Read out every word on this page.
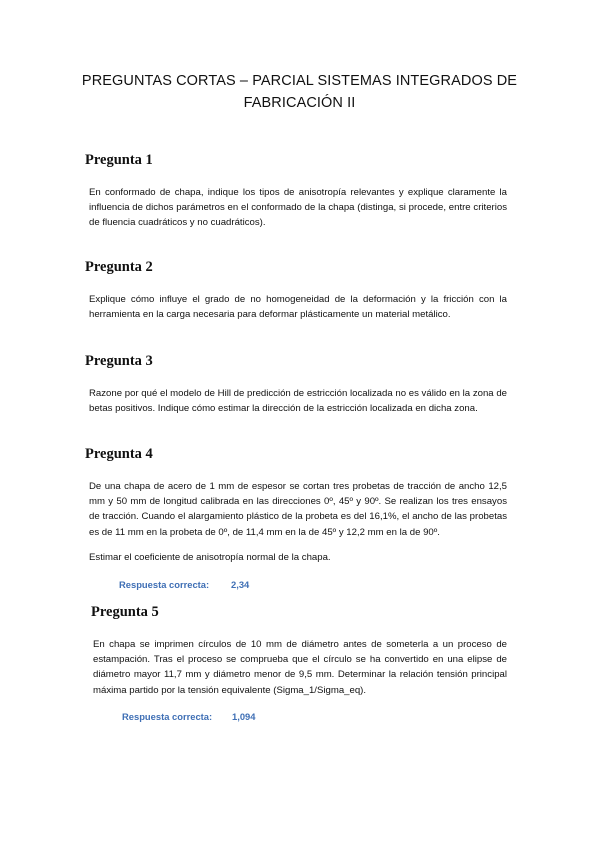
PREGUNTAS CORTAS – PARCIAL SISTEMAS INTEGRADOS DE
FABRICACIÓN II
Pregunta 1
En conformado de chapa, indique los tipos de anisotropía relevantes y explique claramente la influencia de dichos parámetros en el conformado de la chapa (distinga, si procede, entre criterios de fluencia cuadráticos y no cuadráticos).
Pregunta 2
Explique cómo influye el grado de no homogeneidad de la deformación y la fricción con la herramienta en la carga necesaria para deformar plásticamente un material metálico.
Pregunta 3
Razone por qué el modelo de Hill de predicción de estricción localizada no es válido en la zona de betas positivos. Indique cómo estimar la dirección de la estricción localizada en dicha zona.
Pregunta 4
De una chapa de acero de 1 mm de espesor se cortan tres probetas de tracción de ancho 12,5 mm y 50 mm de longitud calibrada en las direcciones 0º, 45º y 90º. Se realizan los tres ensayos de tracción. Cuando el alargamiento plástico de la probeta es del 16,1%, el ancho de las probetas es de 11 mm en la probeta de 0º, de 11,4 mm en la de 45º y 12,2 mm en la de 90º.
Estimar el coeficiente de anisotropía normal de la chapa.
Respuesta correcta: 2,34
Pregunta 5
En chapa se imprimen círculos de 10 mm de diámetro antes de someterla a un proceso de estampación. Tras el proceso se comprueba que el círculo se ha convertido en una elipse de diámetro mayor 11,7 mm y diámetro menor de 9,5 mm. Determinar la relación tensión principal máxima partido por la tensión equivalente (Sigma_1/Sigma_eq).
Respuesta correcta: 1,094
